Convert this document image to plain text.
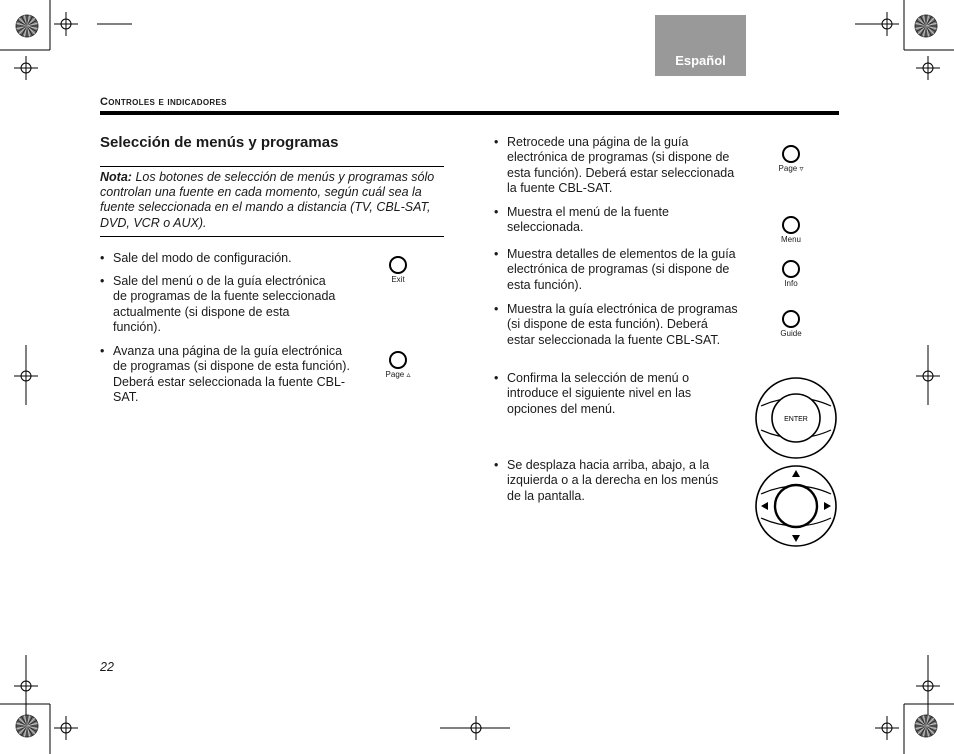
Español
Controles e indicadores
Selección de menús y programas
Nota: Los botones de selección de menús y programas sólo controlan una fuente en cada momento, según cuál sea la fuente seleccionada en el mando a distancia (TV, CBL-SAT, DVD, VCR o AUX).
• Sale del modo de configuración.
• Sale del menú o de la guía electrónica de programas de la fuente seleccionada actualmente (si dispone de esta función).
• Avanza una página de la guía electrónica de programas (si dispone de esta función). Deberá estar seleccionada la fuente CBL-SAT.
Exit
Page ▵
• Retrocede una página de la guía electrónica de programas (si dispone de esta función). Deberá estar seleccionada la fuente CBL-SAT.
• Muestra el menú de la fuente seleccionada.
• Muestra detalles de elementos de la guía electrónica de programas (si dispone de esta función).
• Muestra la guía electrónica de programas (si dispone de esta función). Deberá estar seleccionada la fuente CBL-SAT.
• Confirma la selección de menú o introduce el siguiente nivel en las opciones del menú.
• Se desplaza hacia arriba, abajo, a la izquierda o a la derecha en los menús de la pantalla.
Page ▿
Menu
Info
Guide
ENTER
22
